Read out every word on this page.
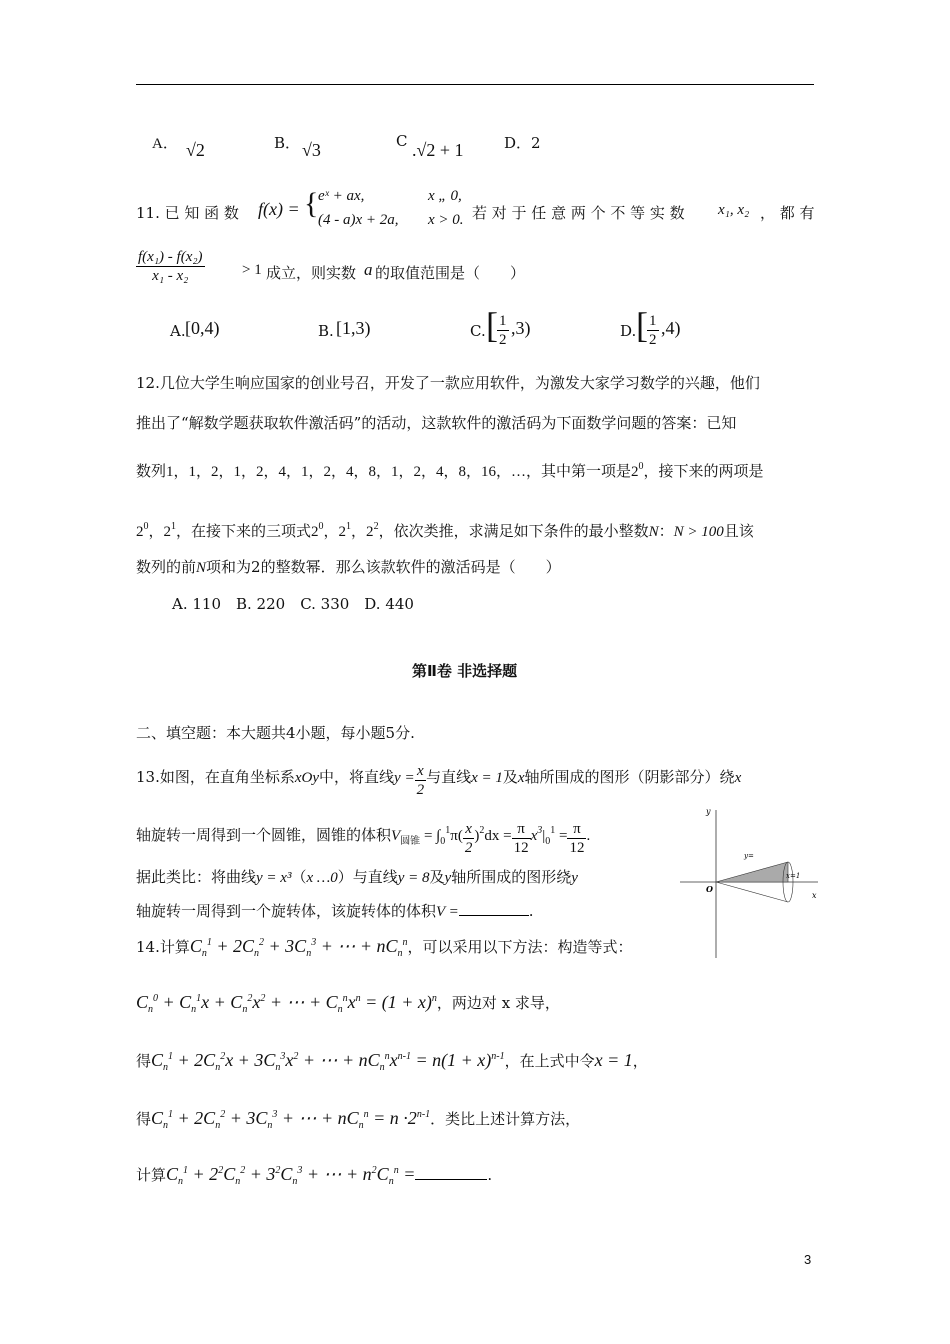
A． √2	B． √3	C .√2 + 1	D．2
11. 已 知 函 数 f(x) = { eˣ + ax,	x „ 0,
(4 - a)x + 2a, x > 0. 若 对 于 任 意 两 个 不 等 实 数 x₁, x₂ ， 都 有
$\frac{\text{f(x₁) - f(x₂)}}{\text{x₁ - x₂}} > 1$ 成立，则实数 a 的取值范围是（　　）
A. [0,4)	B. [1,3)	C. [ $\frac{1}{2} ,3$)	D. [ $\frac{1}{2} ,4$)
12.几位大学生响应国家的创业号召，开发了一款应用软件，为激发大家学习数学的兴趣，他们
推出了“解数学题获取软件激活码”的活动，这款软件的激活码为下面数学问题的答案：已知
数列1，1，2，1，2，4，1，2，4，8，1，2，4，8，16，…，其中第一项是$2^0$，接下来的两项是
$2^0$，$2^1$，在接下来的三项式$2^0$，$2^1$，$2^2$，依次类推，求满足如下条件的最小整数N：N > 100且该
数列的前N项和为2的整数幂．那么该款软件的激活码是（　　）
A. 110　B. 220　C. 330　D. 440
第Ⅱ卷 非选择题
二、填空题：本大题共4小题，每小题5分.
13.如图，在直角坐标系xOy中，将直线$y = \frac{x}{2}$ 与直线x = 1及x轴所围成的图形（阴影部分）绕x
轴旋转一周得到一个圆锥，圆锥的体积$V_{圆锥} = \int_0^1\pi( \frac{x}{2} )^2dx = \frac{\pi}{12} x^3|_0^1 = \frac{\pi}{12}$ .
据此类比：将曲线y = x³（x …0）与直线y = 8及y轴所围成的图形绕y
轴旋转一周得到一个旋转体，该旋转体的体积V =	.
y
x
O
y=
x=1
14.计算$C_n^1 + 2C_n^2 + 3C_n^3$ + ⋯ + $nC_n^n$，可以采用以下方法：构造等式：
$C_n^0 + C_n^1x + C_n^2x^2$ + ⋯ + $C_n^nx^n = (1 + x)^n$，两边对 x 求导，
得$C_n^1 + 2C_n^2x + 3C_n^3x^2$ + ⋯ + $nC_n^nx^{n-1} = n(1 + x)^{n-1}$，在上式中令x = 1，
得$C_n^1 + 2C_n^2 + 3C_n^3$ + ⋯ + $nC_n^n = n \cdot 2^{n-1}$．类比上述计算方法，
计算$C_n^1 + 2^2C_n^2 + 3^2C_n^3$ + ⋯ + $n^2C_n^n$ =	.
3
